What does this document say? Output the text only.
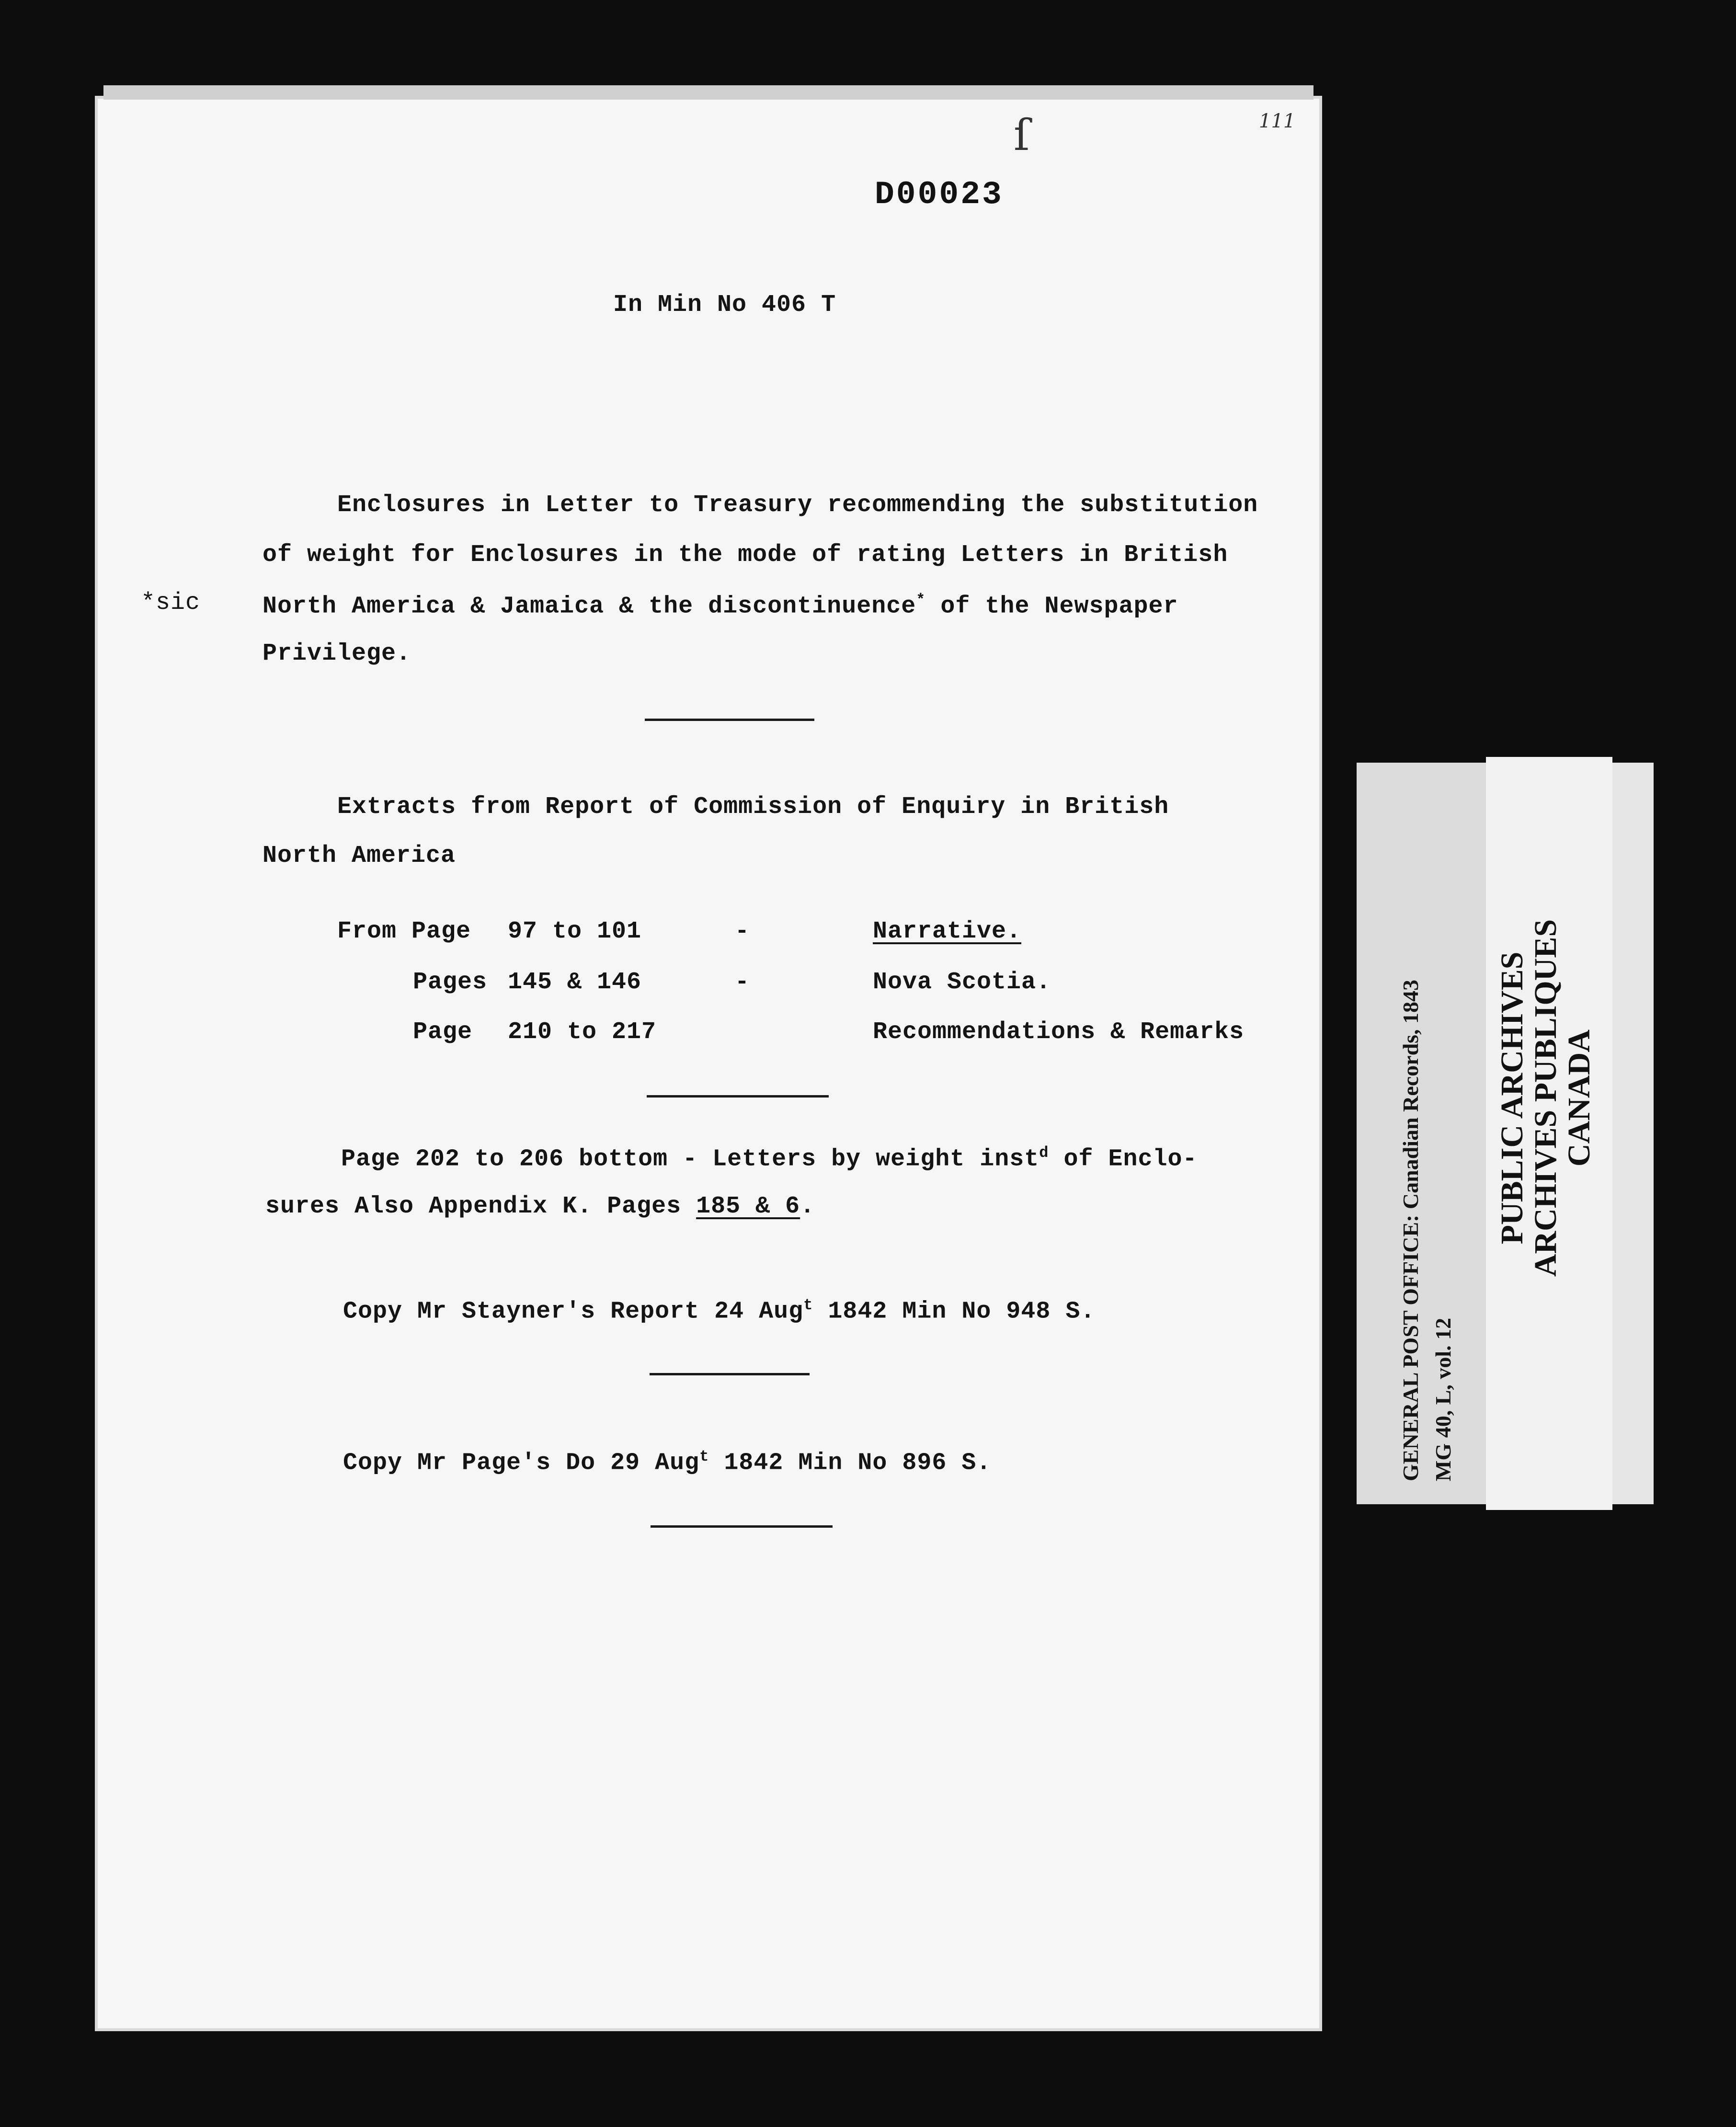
111
ſ
D00023
In Min No 406 T
*sic
Enclosures in Letter to Treasury recommending the substitution
of weight for Enclosures in the mode of rating Letters in British
North America & Jamaica & the discontinuence* of the Newspaper
Privilege.
Extracts from Report of Commission of Enquiry in British
North America
From Page 97 to 101	-	Narrative.
Pages 145 & 146	-	Nova Scotia.
Page 210 to 217	Recommendations & Remarks
Page 202 to 206 bottom - Letters by weight inst$^d$ of Enclo-
sures Also Appendix K. Pages 185 & 6.
Copy Mr Stayner's Report 24 Aug$^t$ 1842 Min No 948 S.
Copy Mr Page's Do 29 Aug$^t$ 1842 Min No 896 S.	GENERAL POST OFFICE: Canadian Records, 1843 MG 40, L, vol. 12
PUBLIC ARCHIVES
ARCHIVES PUBLIQUES
CANADA
